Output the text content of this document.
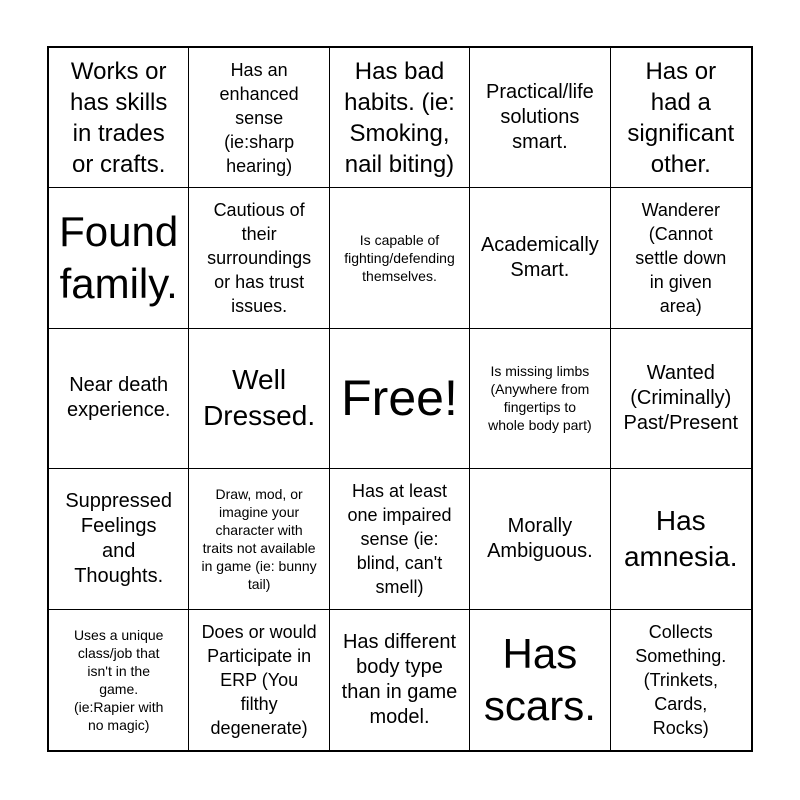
Works or
has skills
in trades
or crafts.
Has an
enhanced
sense
(ie:sharp
hearing)
Has bad
habits. (ie:
Smoking,
nail biting)
Practical/life
solutions
smart.
Has or
had a
significant
other.
Found
family.
Cautious of
their
surroundings
or has trust
issues.
Is capable of
fighting/defending
themselves.
Academically
Smart.
Wanderer
(Cannot
settle down
in given
area)
Near death
experience.
Well
Dressed. Free! Is missing limbs
(Anywhere from
fingertips to
whole body part)
Wanted
(Criminally)
Past/Present
Suppressed
Feelings
and
Thoughts.
Draw, mod, or
imagine your
character with
traits not available
in game (ie: bunny
tail)
Has at least
one impaired
sense (ie:
blind, can't
smell)
Morally
Ambiguous.
Has
amnesia.
Uses a unique
class/job that
isn't in the
game.
(ie:Rapier with
no magic)
Does or would
Participate in
ERP (You
filthy
degenerate)
Has different
body type
than in game
model.
Has
scars.
Collects
Something.
(Trinkets,
Cards,
Rocks)
